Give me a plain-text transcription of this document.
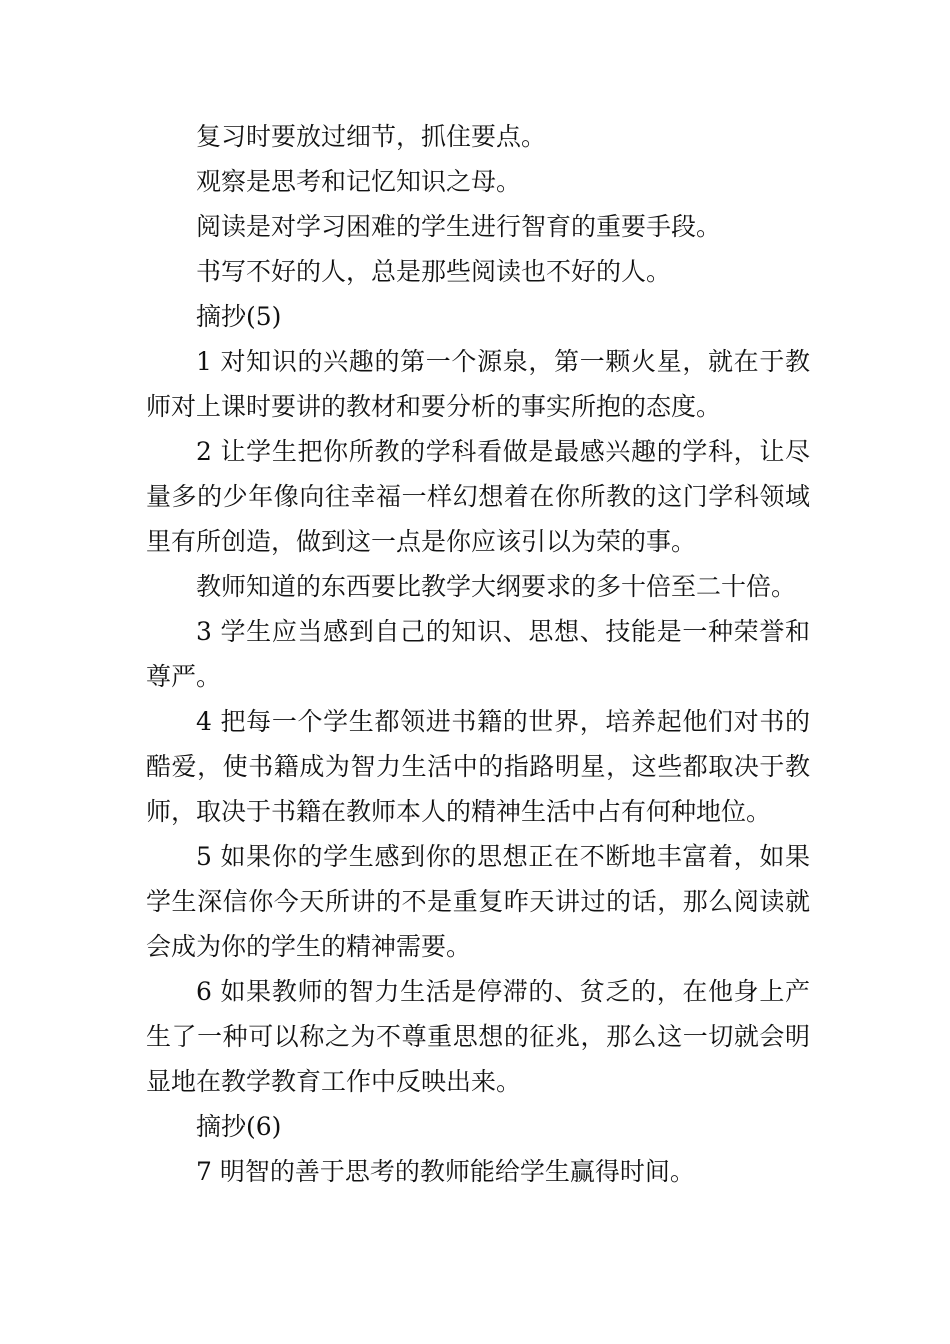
复习时要放过细节，抓住要点。

观察是思考和记忆知识之母。

阅读是对学习困难的学生进行智育的重要手段。

书写不好的人，总是那些阅读也不好的人。

摘抄(5)

1 对知识的兴趣的第一个源泉，第一颗火星，就在于教师对上课时要讲的教材和要分析的事实所抱的态度。

2 让学生把你所教的学科看做是最感兴趣的学科，让尽量多的少年像向往幸福一样幻想着在你所教的这门学科领域里有所创造，做到这一点是你应该引以为荣的事。

教师知道的东西要比教学大纲要求的多十倍至二十倍。

3 学生应当感到自己的知识、思想、技能是一种荣誉和尊严。

4 把每一个学生都领进书籍的世界，培养起他们对书的酷爱，使书籍成为智力生活中的指路明星，这些都取决于教师，取决于书籍在教师本人的精神生活中占有何种地位。

5 如果你的学生感到你的思想正在不断地丰富着，如果学生深信你今天所讲的不是重复昨天讲过的话，那么阅读就会成为你的学生的精神需要。

6 如果教师的智力生活是停滞的、贫乏的，在他身上产生了一种可以称之为不尊重思想的征兆，那么这一切就会明显地在教学教育工作中反映出来。

摘抄(6)

7 明智的善于思考的教师能给学生赢得时间。
